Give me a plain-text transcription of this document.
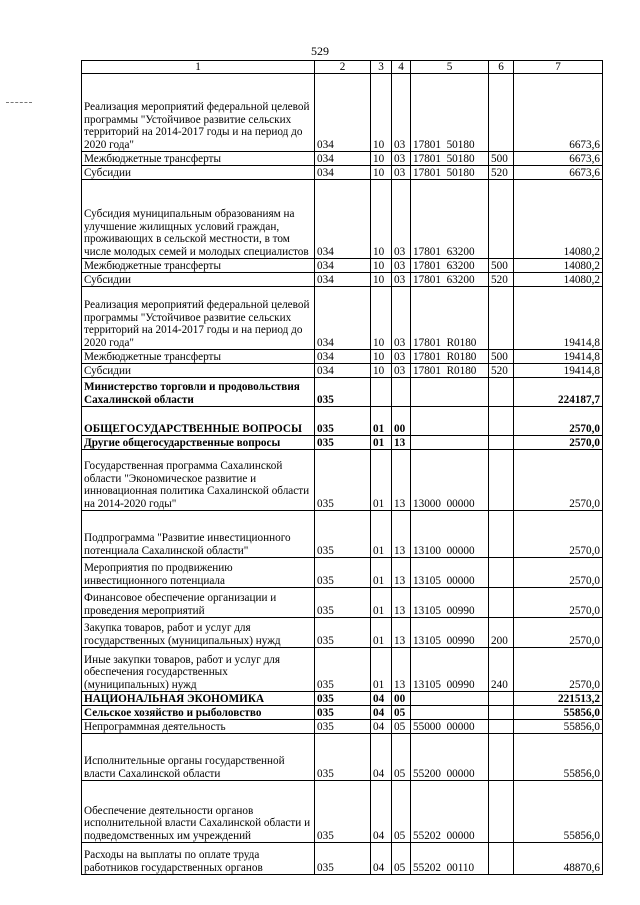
529
1	2	3	4	5	6	7
Реализация мероприятий федеральной целевой программы "Устойчивое развитие сельских территорий на 2014-2017 годы и на период до 2020 года"	034	10	03	17801  50180		6673,6
Межбюджетные трансферты	034	10	03	17801  50180	500	6673,6
Субсидии	034	10	03	17801  50180	520	6673,6
Субсидия муниципальным образованиям на улучшение жилищных условий граждан, проживающих в сельской местности, в том числе молодых семей и молодых специалистов	034	10	03	17801  63200		14080,2
Межбюджетные трансферты	034	10	03	17801  63200	500	14080,2
Субсидии	034	10	03	17801  63200	520	14080,2
Реализация мероприятий федеральной целевой программы "Устойчивое развитие сельских территорий на 2014-2017 годы и на период до 2020 года"	034	10	03	17801  R0180		19414,8
Межбюджетные трансферты	034	10	03	17801  R0180	500	19414,8
Субсидии	034	10	03	17801  R0180	520	19414,8
Министерство торговли и продовольствия Сахалинской области	035					224187,7
ОБЩЕГОСУДАРСТВЕННЫЕ ВОПРОСЫ	035	01	00			2570,0
Другие общегосударственные вопросы	035	01	13			2570,0
Государственная программа Сахалинской области "Экономическое развитие и инновационная политика Сахалинской области на 2014-2020 годы"	035	01	13	13000  00000		2570,0
Подпрограмма "Развитие инвестиционного потенциала Сахалинской области"	035	01	13	13100  00000		2570,0
Мероприятия по продвижению инвестиционного потенциала	035	01	13	13105  00000		2570,0
Финансовое обеспечение организации и проведения мероприятий	035	01	13	13105  00990		2570,0
Закупка товаров, работ и услуг для государственных (муниципальных) нужд	035	01	13	13105  00990	200	2570,0
Иные закупки товаров, работ и услуг для обеспечения государственных (муниципальных) нужд	035	01	13	13105  00990	240	2570,0
НАЦИОНАЛЬНАЯ ЭКОНОМИКА	035	04	00			221513,2
Сельское хозяйство и рыболовство	035	04	05			55856,0
Непрограммная деятельность	035	04	05	55000  00000		55856,0
Исполнительные органы государственной власти Сахалинской области	035	04	05	55200  00000		55856,0
Обеспечение деятельности органов исполнительной власти Сахалинской области и подведомственных им учреждений	035	04	05	55202  00000		55856,0
Расходы на выплаты по оплате труда работников государственных органов	035	04	05	55202  00110		48870,6
